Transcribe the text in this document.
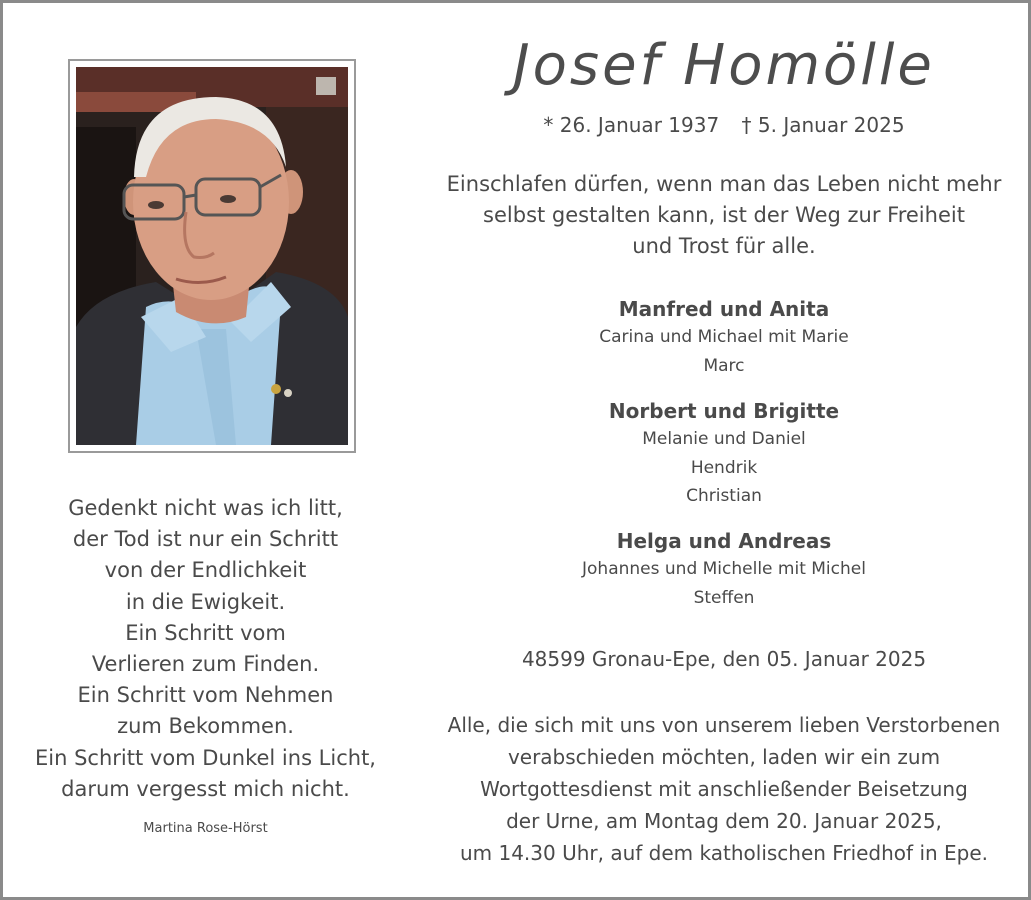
Gedenkt nicht was ich litt,
der Tod ist nur ein Schritt
von der Endlichkeit
in die Ewigkeit.
Ein Schritt vom
Verlieren zum Finden.
Ein Schritt vom Nehmen
zum Bekommen.
Ein Schritt vom Dunkel ins Licht,
darum vergesst mich nicht.
Martina Rose-Hörst
Josef Homölle
* 26. Januar 1937 † 5. Januar 2025
Einschlafen dürfen, wenn man das Leben nicht mehr
selbst gestalten kann, ist der Weg zur Freiheit
und Trost für alle.
Manfred und Anita
Carina und Michael mit Marie
Marc
Norbert und Brigitte
Melanie und Daniel
Hendrik
Christian
Helga und Andreas
Johannes und Michelle mit Michel
Steffen
48599 Gronau-Epe, den 05. Januar 2025
Alle, die sich mit uns von unserem lieben Verstorbenen
verabschieden möchten, laden wir ein zum
Wortgottesdienst mit anschließender Beisetzung
der Urne, am Montag dem 20. Januar 2025,
um 14.30 Uhr, auf dem katholischen Friedhof in Epe.
